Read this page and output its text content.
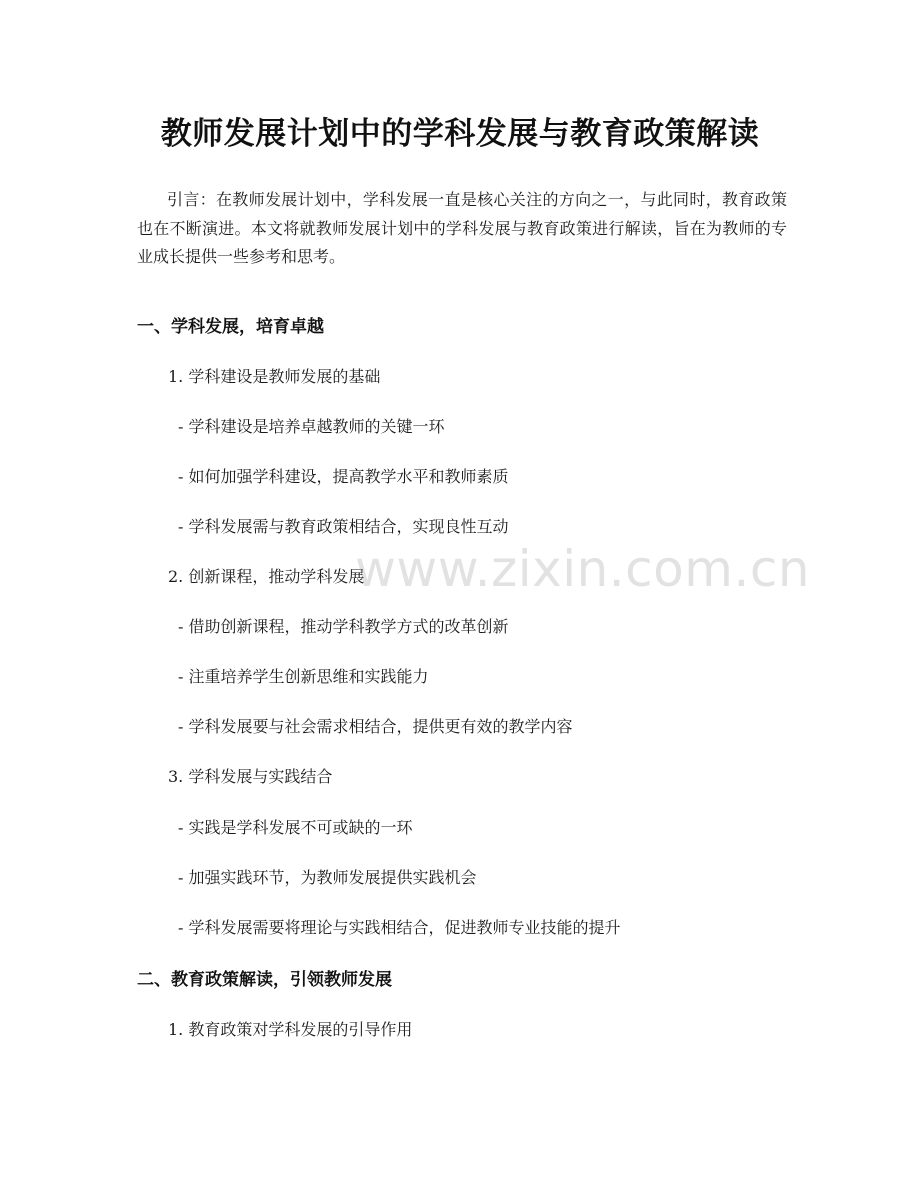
教师发展计划中的学科发展与教育政策解读

引言：在教师发展计划中，学科发展一直是核心关注的方向之一，与此同时，教育政策也在不断演进。本文将就教师发展计划中的学科发展与教育政策进行解读，旨在为教师的专业成长提供一些参考和思考。

一、学科发展，培育卓越

1. 学科建设是教师发展的基础

- 学科建设是培养卓越教师的关键一环

- 如何加强学科建设，提高教学水平和教师素质

- 学科发展需与教育政策相结合，实现良性互动

2. 创新课程，推动学科发展

- 借助创新课程，推动学科教学方式的改革创新

- 注重培养学生创新思维和实践能力

- 学科发展要与社会需求相结合，提供更有效的教学内容

3. 学科发展与实践结合

- 实践是学科发展不可或缺的一环

- 加强实践环节，为教师发展提供实践机会

- 学科发展需要将理论与实践相结合，促进教师专业技能的提升

二、教育政策解读，引领教师发展

1. 教育政策对学科发展的引导作用

www.zixin.com.cn
